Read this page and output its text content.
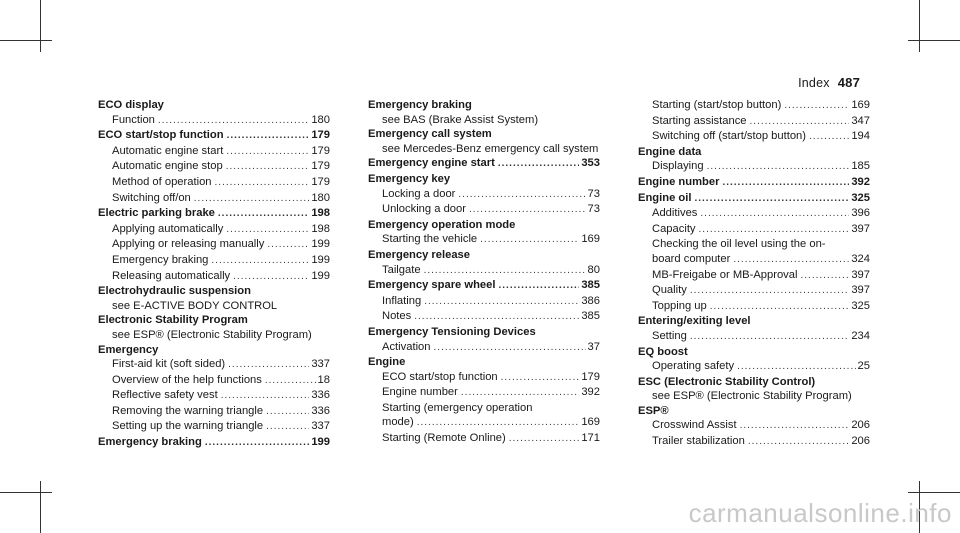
Index 487
ECO display
Function .....	180
ECO start/stop function .....	179
Automatic engine start .....	179
Automatic engine stop .....	179
Method of operation .....	179
Switching off/on .....	180
Electric parking brake .....	198
Applying automatically .....	198
Applying or releasing manually .....	199
Emergency braking .....	199
Releasing automatically .....	199
Electrohydraulic suspension
see E-ACTIVE BODY CONTROL
Electronic Stability Program
see ESP® (Electronic Stability Program)
Emergency
First-aid kit (soft sided) .....	337
Overview of the help functions .....	18
Reflective safety vest .....	336
Removing the warning triangle .....	336
Setting up the warning triangle .....	337
Emergency braking .....	199
Emergency braking
see BAS (Brake Assist System)
Emergency call system
see Mercedes-Benz emergency call system
Emergency engine start .....	353
Emergency key
Locking a door .....	73
Unlocking a door .....	73
Emergency operation mode
Starting the vehicle .....	169
Emergency release
Tailgate .....	80
Emergency spare wheel .....	385
Inflating .....	386
Notes .....	385
Emergency Tensioning Devices
Activation .....	37
Engine
ECO start/stop function .....	179
Engine number .....	392
Starting (emergency operation
mode) .....	169
Starting (Remote Online) .....	171
Starting (start/stop button) .....	169
Starting assistance .....	347
Switching off (start/stop button) .....	194
Engine data
Displaying .....	185
Engine number .....	392
Engine oil .....	325
Additives .....	396
Capacity .....	397
Checking the oil level using the on-
board computer .....	324
MB-Freigabe or MB-Approval .....	397
Quality .....	397
Topping up .....	325
Entering/exiting level
Setting .....	234
EQ boost
Operating safety .....	25
ESC (Electronic Stability Control)
see ESP® (Electronic Stability Program)
ESP®
Crosswind Assist .....	206
Trailer stabilization .....	206
carmanualsonline.info
